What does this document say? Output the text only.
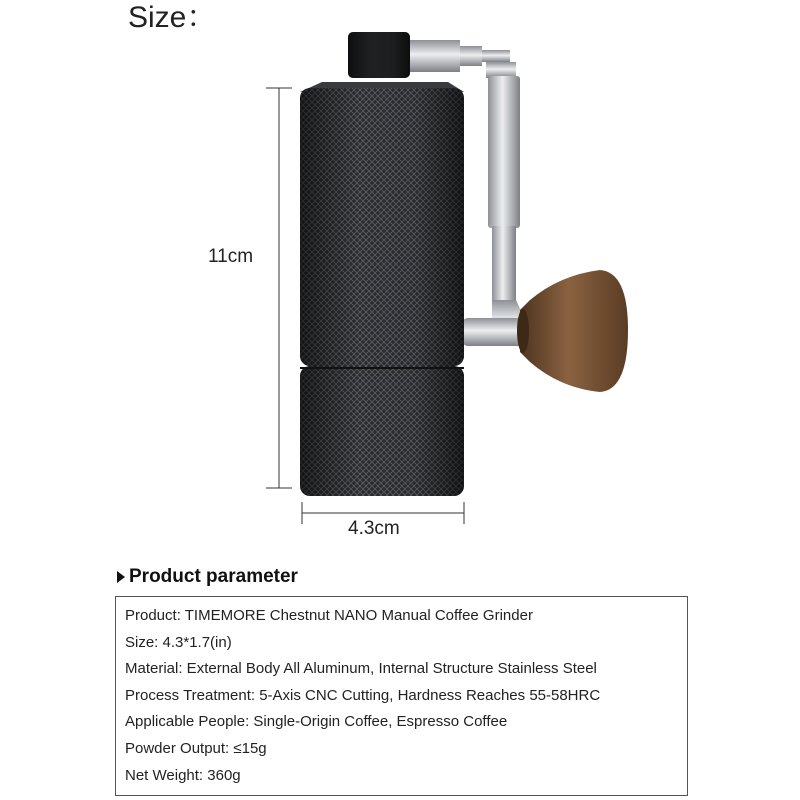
Size：
11cm
4.3cm
Product parameter
Product: TIMEMORE Chestnut NANO Manual Coffee Grinder
Size: 4.3*1.7(in)
Material: External Body All Aluminum, Internal Structure Stainless Steel
Process Treatment: 5-Axis CNC Cutting, Hardness Reaches 55-58HRC
Applicable People: Single-Origin Coffee, Espresso Coffee
Powder Output: ≤15g
Net Weight: 360g
